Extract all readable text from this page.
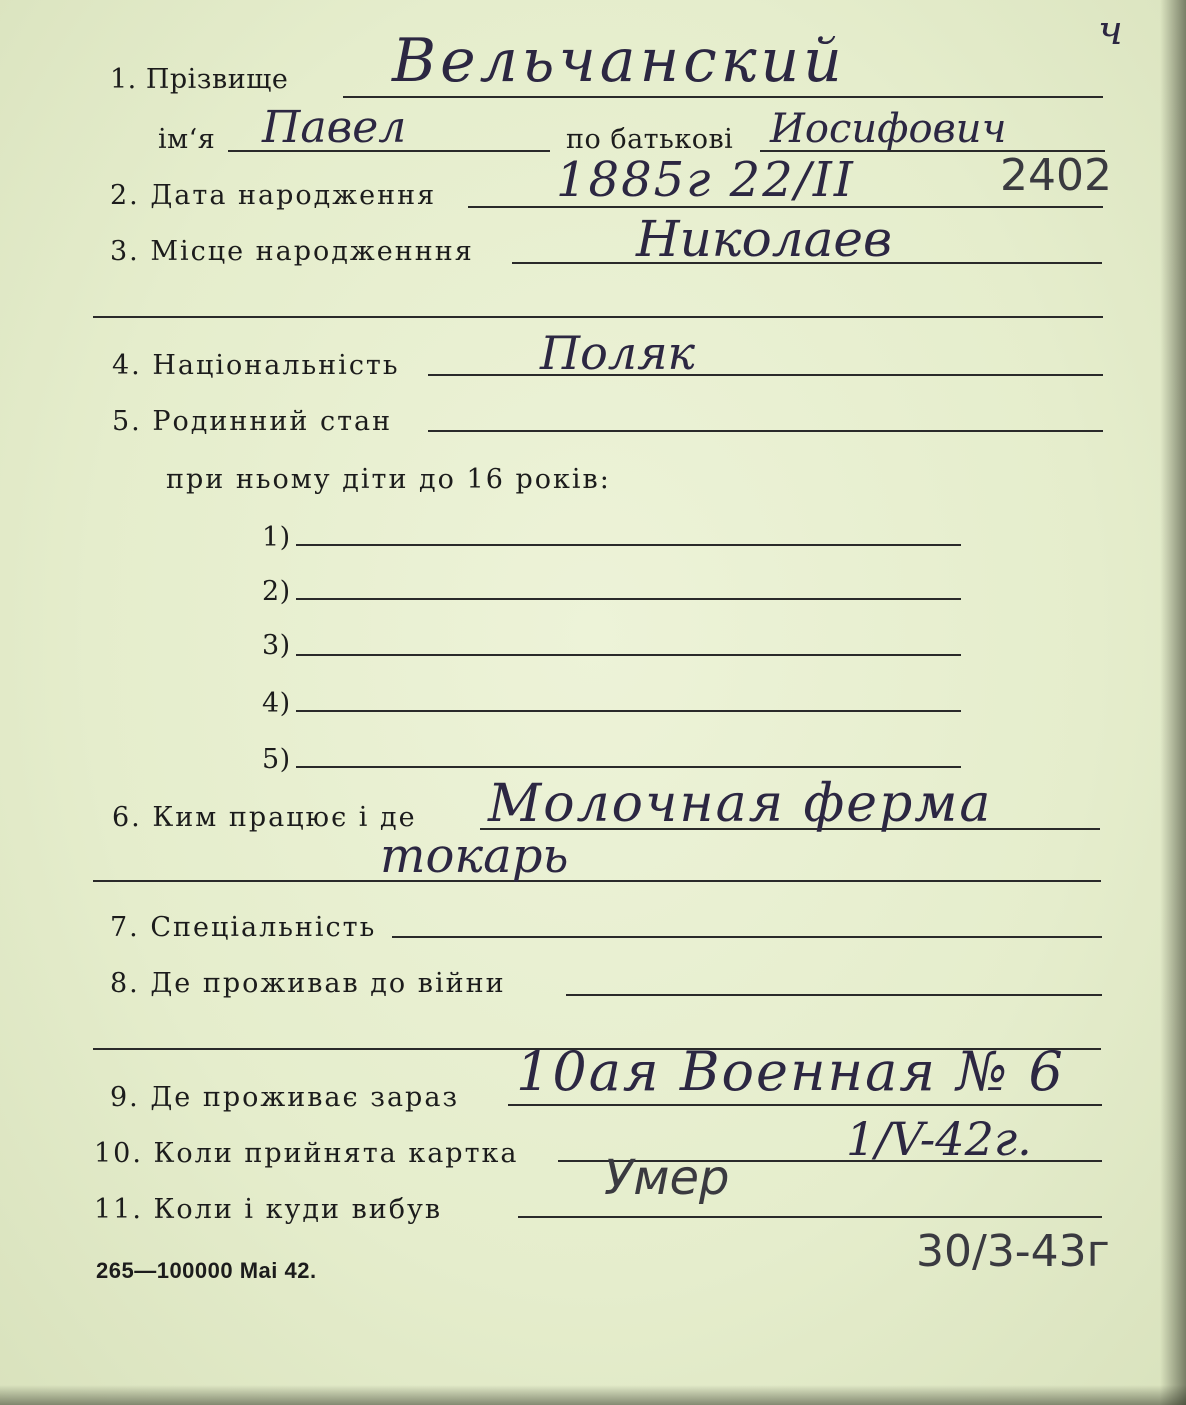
1. Прізвище Вельчанский	ч
ім‘я Павел	по батькові Иосифович
2. Дата народження 1885г 22/II	2402
3. Місце народженння	Николаев
4. Національність	Поляк
5. Родинний стан
при ньому діти до 16 років:
1)
2)
3)
4)
5)
6. Ким працює і де Молочная ферма
токарь
7. Спеціальність
8. Де проживав до війни
9. Де проживає зараз 10ая Военная № 6
10. Коли прийнята картка	1/V-42г.
11. Коли і куди вибув
Умер
30/3-43г
265—100000 Mai 42.
